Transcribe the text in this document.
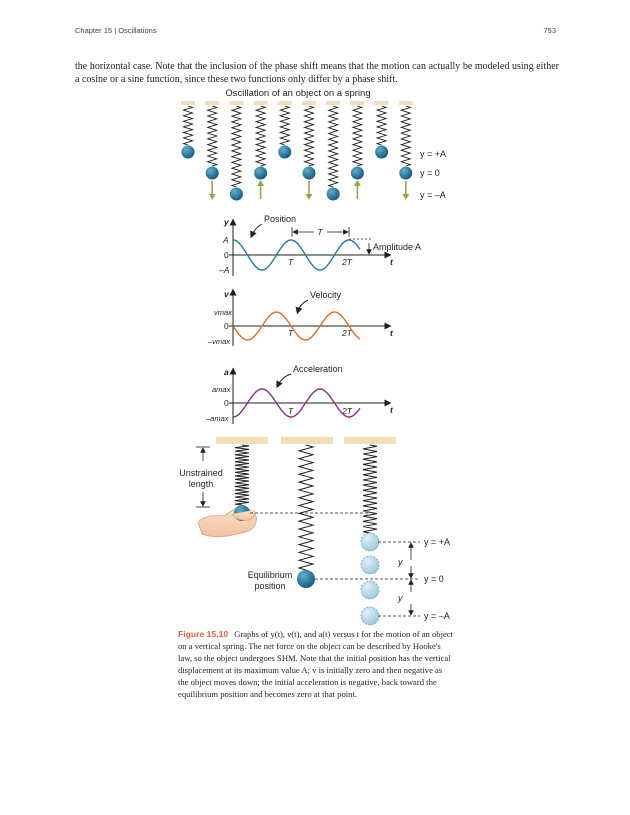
Chapter 15 | Oscillations	753

the horizontal case. Note that the inclusion of the phase shift means that the motion can actually be modeled using either a cosine or a sine function, since these two functions only differ by a phase shift.

Oscillation of an object on a spring
y = +A
y = 0
y = –A
y
t
A
0
–A
T	2T
Position
T
Amplitude A
v
t
vmax
0
–vmax
T	2T
Velocity
a
t
amax
0
–amax
T	2T
Acceleration
Unstrained
length
Equilibrium
position
y
y
y = +A
y = 0
y = –A

Figure 15.10 Graphs of y(t), v(t), and a(t) versus t for the motion of an object on a vertical spring. The net force on the object can be described by Hooke's law, so the object undergoes SHM. Note that the initial position has the vertical displacement at its maximum value A; v is initially zero and then negative as the object moves down; the initial acceleration is negative, back toward the equilibrium position and becomes zero at that point.
